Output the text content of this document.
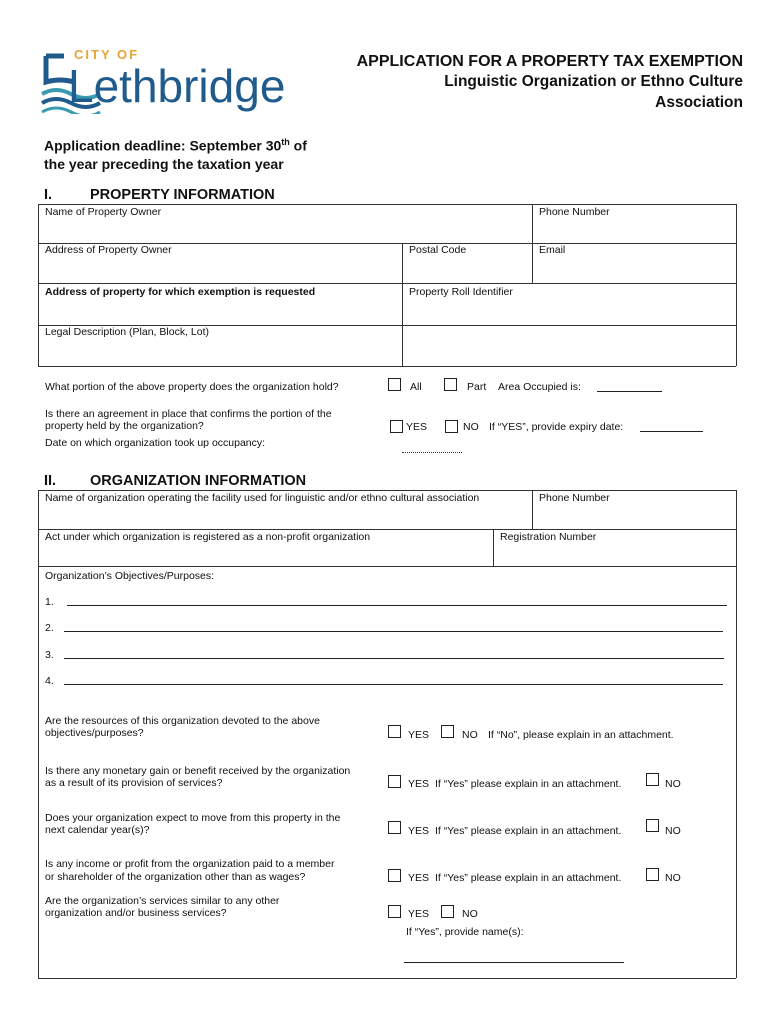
CITY OF
Lethbridge	APPLICATION FOR A PROPERTY TAX EXEMPTION
Linguistic Organization or Ethno Culture
Association
Application deadline: September 30th of
the year preceding the taxation year
I.	PROPERTY INFORMATION
Name of Property Owner	Phone Number
Address of Property Owner	Postal Code	Email
Address of property for which exemption is requested	Property Roll Identifier
Legal Description (Plan, Block, Lot)
What portion of the above property does the organization hold?	All	Part Area Occupied is:
Is there an agreement in place that confirms the portion of the
property held by the organization?	YES	NO If “YES”, provide expiry date:
Date on which organization took up occupancy:
II. ORGANIZATION INFORMATION
Name of organization operating the facility used for linguistic and/or ethno cultural association	Phone Number
Act under which organization is registered as a non-profit organization	Registration Number
Organization’s Objectives/Purposes:
1.
2.
3.
4.
Are the resources of this organization devoted to the above
objectives/purposes?	YES	NO If “No”, please explain in an attachment.
Is there any monetary gain or benefit received by the organization
as a result of its provision of services?	YES If “Yes” please explain in an attachment.	NO
Does your organization expect to move from this property in the
next calendar year(s)?	YES If “Yes” please explain in an attachment.	NO
Is any income or profit from the organization paid to a member
or shareholder of the organization other than as wages?	YES If “Yes” please explain in an attachment.	NO
Are the organization’s services similar to any other
organization and/or business services?	YES	NO
If “Yes”, provide name(s):
